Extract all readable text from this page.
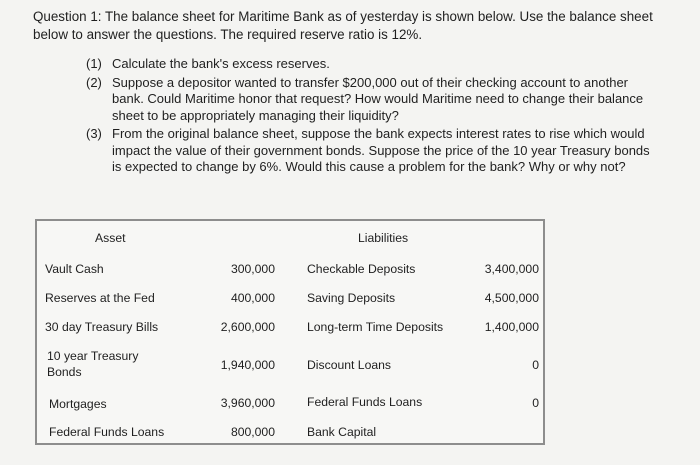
Question 1: The balance sheet for Maritime Bank as of yesterday is shown below. Use the balance sheet below to answer the questions. The required reserve ratio is 12%.

(1) Calculate the bank's excess reserves.
(2) Suppose a depositor wanted to transfer $200,000 out of their checking account to another bank. Could Maritime honor that request? How would Maritime need to change their balance sheet to be appropriately managing their liquidity?
(3) From the original balance sheet, suppose the bank expects interest rates to rise which would impact the value of their government bonds. Suppose the price of the 10 year Treasury bonds is expected to change by 6%. Would this cause a problem for the bank? Why or why not?
Asset	Liabilities
Vault Cash	300,000	Checkable Deposits	3,400,000
Reserves at the Fed	400,000	Saving Deposits	4,500,000
30 day Treasury Bills	2,600,000	Long-term Time Deposits	1,400,000
10 year Treasury
Bonds	1,940,000	Discount Loans	0
Mortgages	3,960,000	Federal Funds Loans	0
Federal Funds Loans	800,000	Bank Capital
